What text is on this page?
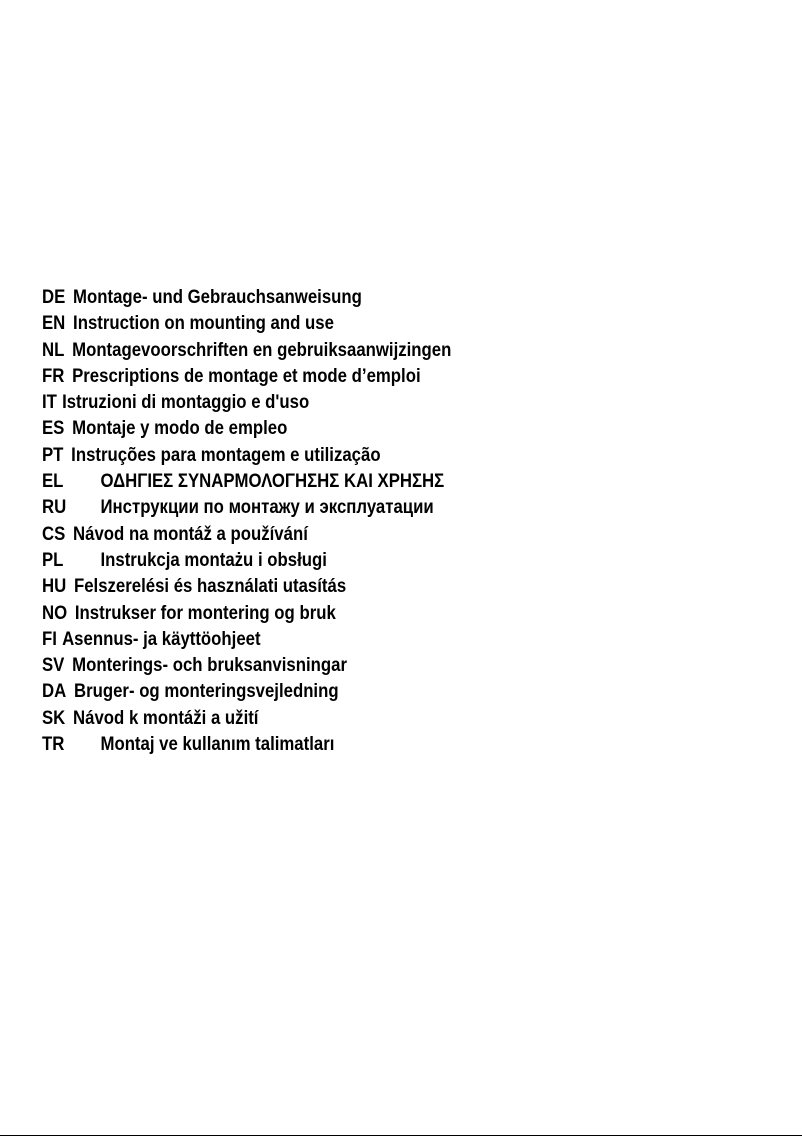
DE Montage- und Gebrauchsanweisung
EN Instruction on mounting and use
NL Montagevoorschriften en gebruiksaanwijzingen
FR Prescriptions de montage et mode d’emploi
IT Istruzioni di montaggio e d'uso
ES Montaje y modo de empleo
PT Instruções para montagem e utilização
EL ΟΔΗΓΙΕΣ ΣΥΝΑΡΜΟΛΟΓΗΣΗΣ ΚΑΙ ΧΡΗΣΗΣ
RU Инструкции по монтажу и эксплуатации
CS Návod na montáž a používání
PL Instrukcja montażu i obsługi
HU Felszerelési és használati utasítás
NO Instrukser for montering og bruk
FI Asennus- ja käyttöohjeet
SV Monterings- och bruksanvisningar
DA Bruger- og monteringsvejledning
SK Návod k montáži a užití
TR Montaj ve kullanım talimatları
